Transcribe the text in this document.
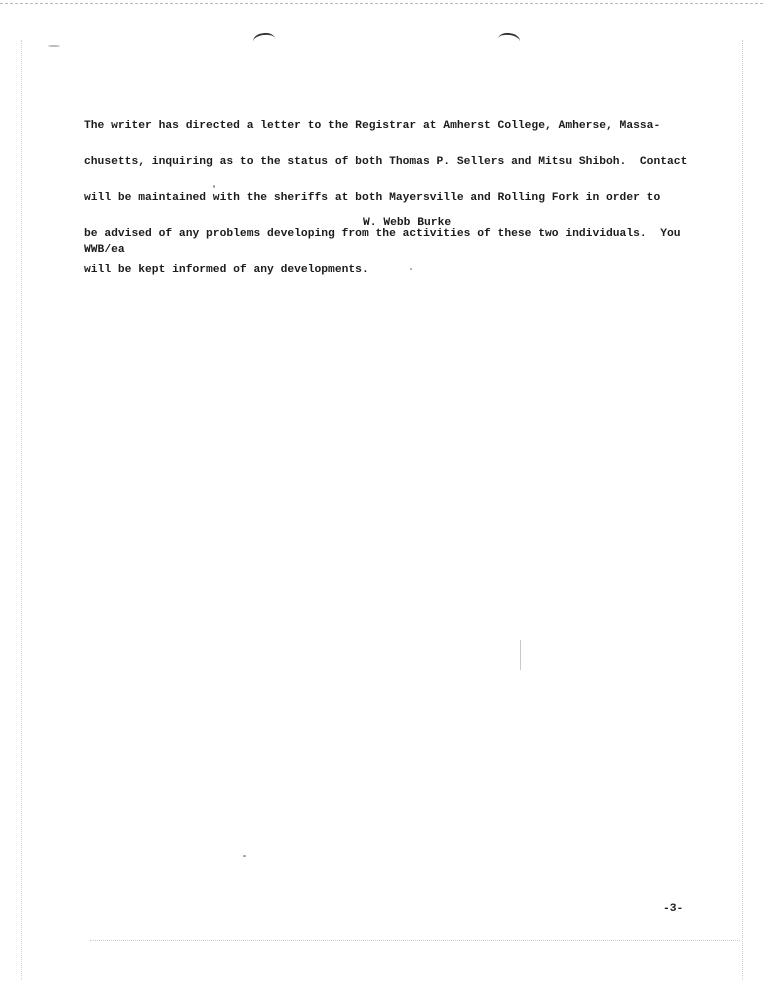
The writer has directed a letter to the Registrar at Amherst College, Amherse, Massa-

chusetts, inquiring as to the status of both Thomas P. Sellers and Mitsu Shiboh.  Contact

will be maintained with the sheriffs at both Mayersville and Rolling Fork in order to

be advised of any problems developing from the activities of these two individuals.  You

will be kept informed of any developments.

W. Webb Burke
WWB/ea
-3-
